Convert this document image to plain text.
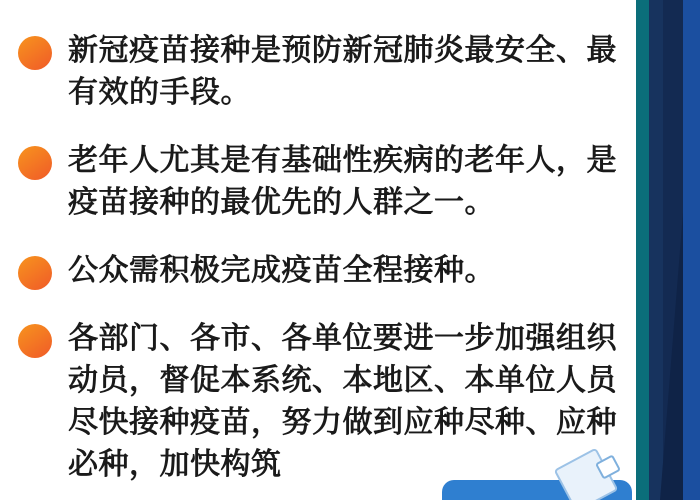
新冠疫苗接种是预防新冠肺炎最安全、最有效的手段。
老年人尤其是有基础性疾病的老年人，是疫苗接种的最优先的人群之一。
公众需积极完成疫苗全程接种。
各部门、各市、各单位要进一步加强组织动员，督促本系统、本地区、本单位人员尽快接种疫苗，努力做到应种尽种、应种必种，加快构筑
